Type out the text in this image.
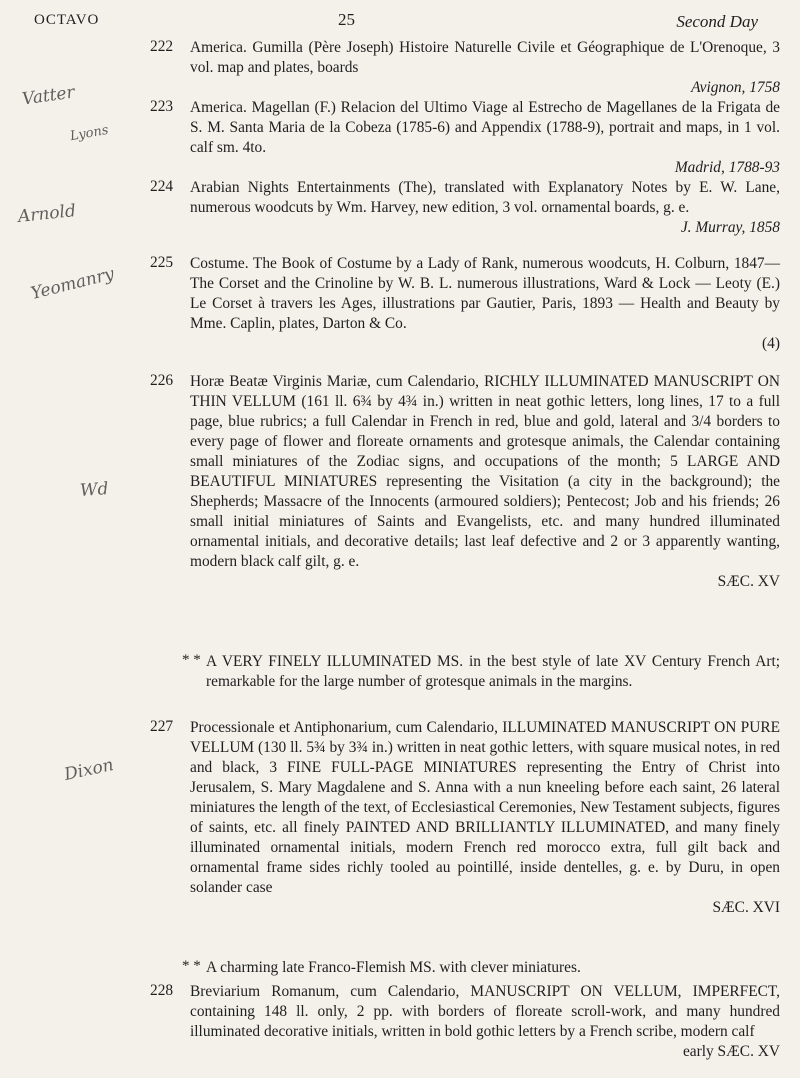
OCTAVO	25	Second Day
Vatter
Lyons
Arnold
Yeomanry
Wd
Dixon
222	America. Gumilla (Père Joseph) Histoire Naturelle Civile et Géographique de L'Orenoque, 3 vol. map and plates, boards
Avignon, 1758
223	America. Magellan (F.) Relacion del Ultimo Viage al Estrecho de Magellanes de la Frigata de S. M. Santa Maria de la Cobeza (1785-6) and Appendix (1788-9), portrait and maps, in 1 vol. calf sm. 4to.
Madrid, 1788-93
224	Arabian Nights Entertainments (The), translated with Explanatory Notes by E. W. Lane, numerous woodcuts by Wm. Harvey, new edition, 3 vol. ornamental boards, g. e.
J. Murray, 1858
225	Costume. The Book of Costume by a Lady of Rank, numerous woodcuts, H. Colburn, 1847—The Corset and the Crinoline by W. B. L. numerous illustrations, Ward & Lock — Leoty (E.) Le Corset à travers les Ages, illustrations par Gautier, Paris, 1893 — Health and Beauty by Mme. Caplin, plates, Darton & Co.
(4)
226	Horæ Beatæ Virginis Mariæ, cum Calendario, RICHLY ILLUMINATED MANUSCRIPT ON THIN VELLUM (161 ll. 6¾ by 4¾ in.) written in neat gothic letters, long lines, 17 to a full page, blue rubrics; a full Calendar in French in red, blue and gold, lateral and 3/4 borders to every page of flower and floreate ornaments and grotesque animals, the Calendar containing small miniatures of the Zodiac signs, and occupations of the month; 5 LARGE AND BEAUTIFUL MINIATURES representing the Visitation (a city in the background); the Shepherds; Massacre of the Innocents (armoured soldiers); Pentecost; Job and his friends; 26 small initial miniatures of Saints and Evangelists, etc. and many hundred illuminated ornamental initials, and decorative details; last leaf defective and 2 or 3 apparently wanting, modern black calf gilt, g. e.
SÆC. XV
* * A VERY FINELY ILLUMINATED MS. in the best style of late XV Century French Art; remarkable for the large number of grotesque animals in the margins.
227	Processionale et Antiphonarium, cum Calendario, ILLUMINATED MANUSCRIPT ON PURE VELLUM (130 ll. 5¾ by 3¾ in.) written in neat gothic letters, with square musical notes, in red and black, 3 FINE FULL-PAGE MINIATURES representing the Entry of Christ into Jerusalem, S. Mary Magdalene and S. Anna with a nun kneeling before each saint, 26 lateral miniatures the length of the text, of Ecclesiastical Ceremonies, New Testament subjects, figures of saints, etc. all finely PAINTED AND BRILLIANTLY ILLUMINATED, and many finely illuminated ornamental initials, modern French red morocco extra, full gilt back and ornamental frame sides richly tooled au pointillé, inside dentelles, g. e. by Duru, in open solander case
SÆC. XVI
* * A charming late Franco-Flemish MS. with clever miniatures.
228	Breviarium Romanum, cum Calendario, MANUSCRIPT ON VELLUM, IMPERFECT, containing 148 ll. only, 2 pp. with borders of floreate scroll-work, and many hundred illuminated decorative initials, written in bold gothic letters by a French scribe, modern calf
early SÆC. XV
